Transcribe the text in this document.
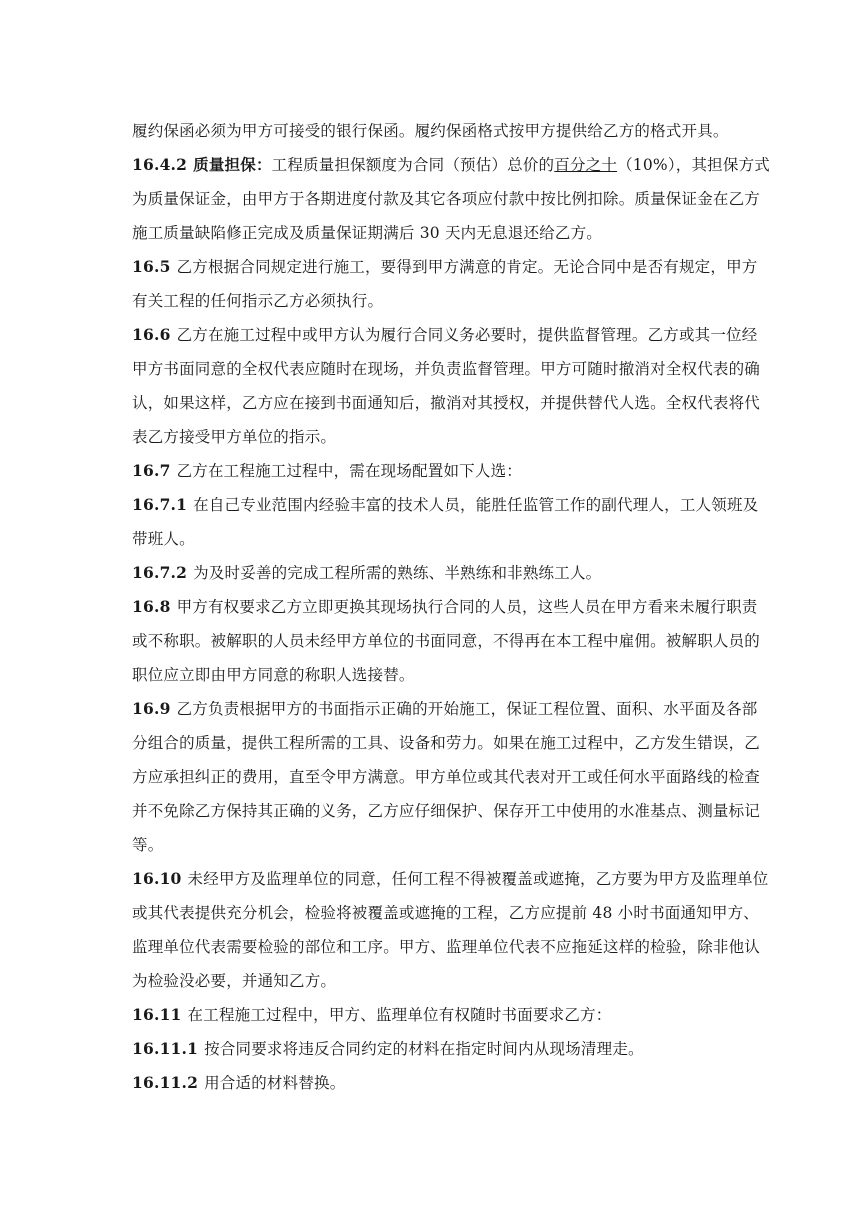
履约保函必须为甲方可接受的银行保函。履约保函格式按甲方提供给乙方的格式开具。
16.4.2 质量担保：工程质量担保额度为合同（预估）总价的百分之十（10%），其担保方式
为质量保证金，由甲方于各期进度付款及其它各项应付款中按比例扣除。质量保证金在乙方
施工质量缺陷修正完成及质量保证期满后 30 天内无息退还给乙方。
16.5 乙方根据合同规定进行施工，要得到甲方满意的肯定。无论合同中是否有规定，甲方
有关工程的任何指示乙方必须执行。
16.6 乙方在施工过程中或甲方认为履行合同义务必要时，提供监督管理。乙方或其一位经
甲方书面同意的全权代表应随时在现场，并负责监督管理。甲方可随时撤消对全权代表的确
认，如果这样，乙方应在接到书面通知后，撤消对其授权，并提供替代人选。全权代表将代
表乙方接受甲方单位的指示。
16.7 乙方在工程施工过程中，需在现场配置如下人选：
16.7.1 在自己专业范围内经验丰富的技术人员，能胜任监管工作的副代理人，工人领班及
带班人。
16.7.2 为及时妥善的完成工程所需的熟练、半熟练和非熟练工人。
16.8 甲方有权要求乙方立即更换其现场执行合同的人员，这些人员在甲方看来未履行职责
或不称职。被解职的人员未经甲方单位的书面同意，不得再在本工程中雇佣。被解职人员的
职位应立即由甲方同意的称职人选接替。
16.9 乙方负责根据甲方的书面指示正确的开始施工，保证工程位置、面积、水平面及各部
分组合的质量，提供工程所需的工具、设备和劳力。如果在施工过程中，乙方发生错误，乙
方应承担纠正的费用，直至令甲方满意。甲方单位或其代表对开工或任何水平面路线的检查
并不免除乙方保持其正确的义务，乙方应仔细保护、保存开工中使用的水准基点、测量标记
等。
16.10 未经甲方及监理单位的同意，任何工程不得被覆盖或遮掩，乙方要为甲方及监理单位
或其代表提供充分机会，检验将被覆盖或遮掩的工程，乙方应提前 48 小时书面通知甲方、
监理单位代表需要检验的部位和工序。甲方、监理单位代表不应拖延这样的检验，除非他认
为检验没必要，并通知乙方。
16.11 在工程施工过程中，甲方、监理单位有权随时书面要求乙方：
16.11.1 按合同要求将违反合同约定的材料在指定时间内从现场清理走。
16.11.2 用合适的材料替换。
